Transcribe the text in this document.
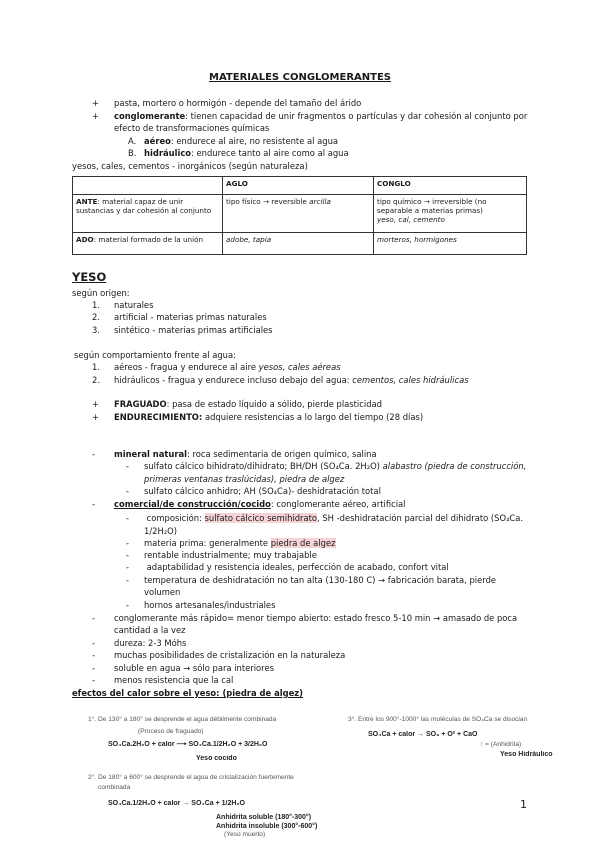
MATERIALES CONGLOMERANTES
+ pasta, mortero o hormigón - depende del tamaño del árido
+ conglomerante: tienen capacidad de unir fragmentos o partículas y dar cohesión al conjunto por
efecto de transformaciones químicas
A. aéreo: endurece al aire, no resistente al agua
B. hidráulico: endurece tanto al aire como al agua
yesos, cales, cementos - inorgánicos (según naturaleza)
	AGLO	CONGLO
ANTE: material capaz de unir sustancias y dar cohesión al conjunto	tipo físico → reversible arcilla	tipo químico → irreversible (no separable a materias primas)
yeso, cal, cemento
ADO: material formado de la unión	adobe, tapia	morteros, hormigones
YESO
según origen:
1. naturales
2. artificial - materias primas naturales
3. sintético - materias primas artificiales
según comportamiento frente al agua:
1. aéreos - fragua y endurece al aire yesos, cales aéreas
2. hidráulicos - fragua y endurece incluso debajo del agua: cementos, cales hidráulicas
+ FRAGUADO: pasa de estado líquido a sólido, pierde plasticidad
+ ENDURECIMIENTO: adquiere resistencias a lo largo del tiempo (28 días)
- mineral natural: roca sedimentaria de origen químico, salina
- sulfato cálcico bihidrato/dihidrato; BH/DH (SO₄Ca. 2H₂O) alabastro (piedra de construcción,
primeras ventanas traslúcidas), piedra de algez
- sulfato cálcico anhidro; AH (SO₄Ca)- deshidratación total
- comercial/de construcción/cocido: conglomerante aéreo, artificial
- composición: sulfato cálcico semihidrato, SH -deshidratación parcial del dihidrato (SO₄Ca.
1/2H₂O)
- materia prima: generalmente piedra de algez
- rentable industrialmente; muy trabajable
- adaptabilidad y resistencia ideales, perfección de acabado, confort vital
- temperatura de deshidratación no tan alta (130-180 C) → fabricación barata, pierde
volumen
- hornos artesanales/industriales
- conglomerante más rápido= menor tiempo abierto: estado fresco 5-10 min → amasado de poca
cantidad a la vez
- dureza: 2-3 Móhs
- muchas posibilidades de cristalización en la naturaleza
- soluble en agua → sólo para interiores
- menos resistencia que la cal
efectos del calor sobre el yeso: (piedra de algez)
1°. De 130° a 180° se desprende el agua débilmente combinada
(Proceso de fraguado)
SO₄Ca.2H₂O + calor ⟶ SO₄Ca.1/2H₂O + 3/2H₂O
Yeso cocido
3°. Entre los 900°-1000° las moléculas de SO₄Ca se disocian
SO₄Ca + calor → SO₃ + O² + CaO
↑ = (Anhidrita)
Yeso Hidráulico
2°. De 180° a 600° se desprende el agua de cristalización fuertemente
combinada
SO₄Ca.1/2H₂O + calor → SO₄Ca + 1/2H₂O
Anhidrita soluble (180°-300°)
Anhidrita insoluble (300°-600°)
(Yeso muerto)
1
